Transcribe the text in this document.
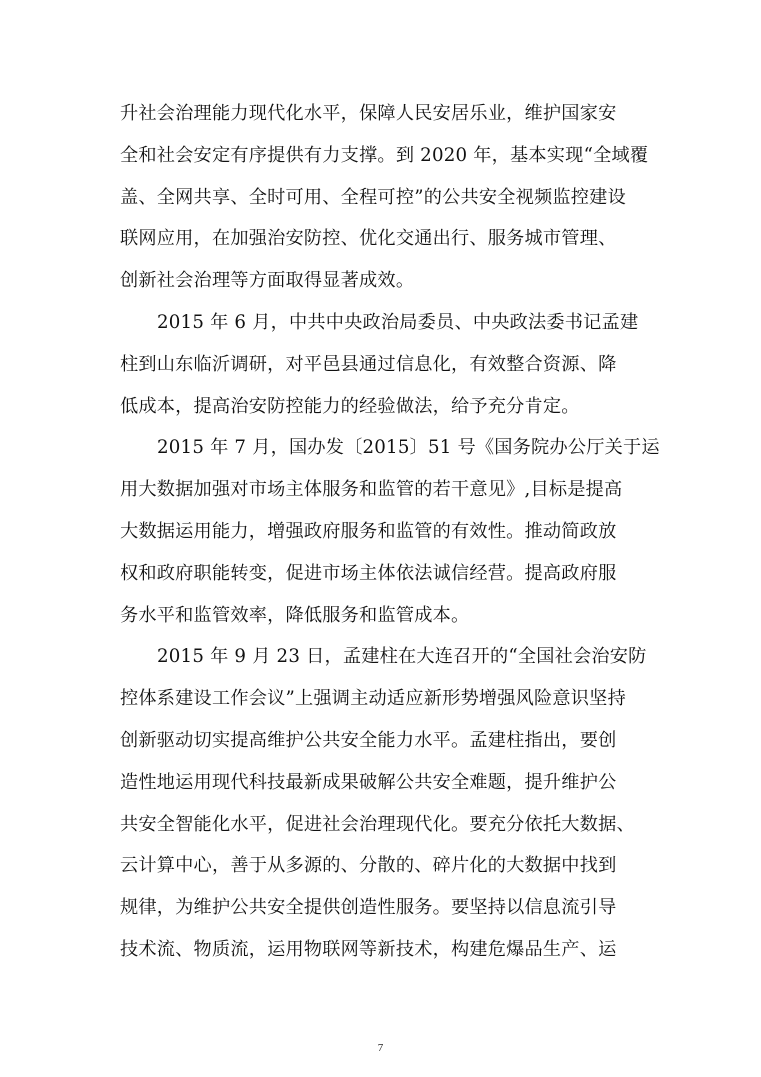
升社会治理能力现代化水平，保障人民安居乐业，维护国家安
全和社会安定有序提供有力支撑。到 2020 年，基本实现“全域覆
盖、全网共享、全时可用、全程可控”的公共安全视频监控建设
联网应用，在加强治安防控、优化交通出行、服务城市管理、
创新社会治理等方面取得显著成效。
2015 年 6 月，中共中央政治局委员、中央政法委书记孟建
柱到山东临沂调研，对平邑县通过信息化，有效整合资源、降
低成本，提高治安防控能力的经验做法，给予充分肯定。
2015 年 7 月，国办发〔2015〕51 号《国务院办公厅关于运
用大数据加强对市场主体服务和监管的若干意见》,目标是提高
大数据运用能力，增强政府服务和监管的有效性。推动简政放
权和政府职能转变，促进市场主体依法诚信经营。提高政府服
务水平和监管效率，降低服务和监管成本。
2015 年 9 月 23 日，孟建柱在大连召开的“全国社会治安防
控体系建设工作会议”上强调主动适应新形势增强风险意识坚持
创新驱动切实提高维护公共安全能力水平。孟建柱指出，要创
造性地运用现代科技最新成果破解公共安全难题，提升维护公
共安全智能化水平，促进社会治理现代化。要充分依托大数据、
云计算中心，善于从多源的、分散的、碎片化的大数据中找到
规律，为维护公共安全提供创造性服务。要坚持以信息流引导
技术流、物质流，运用物联网等新技术，构建危爆品生产、运
7
